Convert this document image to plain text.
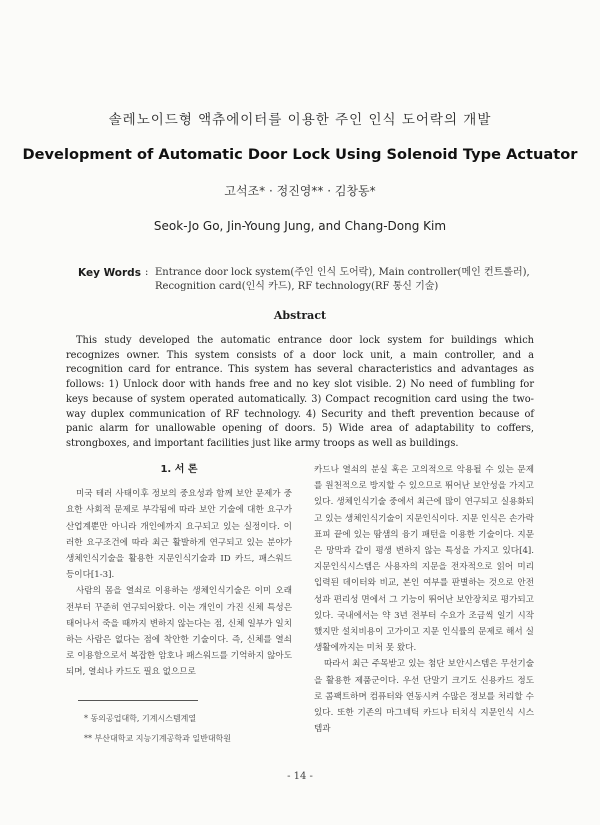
솔레노이드형 액츄에이터를 이용한 주인 인식 도어락의 개발
Development of Automatic Door Lock Using Solenoid Type Actuator
고석조* · 정진영** · 김창동*
Seok-Jo Go, Jin-Young Jung, and Chang-Dong Kim
Key Words : Entrance door lock system(주인 인식 도어락), Main controller(메인 컨트롤러), Recognition card(인식 카드), RF technology(RF 통신 기술)
Abstract

This study developed the automatic entrance door lock system for buildings which recognizes owner. This system consists of a door lock unit, a main controller, and a recognition card for entrance. This system has several characteristics and advantages as follows: 1) Unlock door with hands free and no key slot visible. 2) No need of fumbling for keys because of system operated automatically. 3) Compact recognition card using the two-way duplex communication of RF technology. 4) Security and theft prevention because of panic alarm for unallowable opening of doors. 5) Wide area of adaptability to coffers, strongboxes, and important facilities just like army troops as well as buildings.

1. 서 론

미국 테러 사태이후 정보의 중요성과 함께 보안 문제가 중요한 사회적 문제로 부각됨에 따라 보안 기술에 대한 요구가 산업계뿐만 아니라 개인에까지 요구되고 있는 실정이다. 이러한 요구조건에 따라 최근 활발하게 연구되고 있는 분야가 생체인식기술을 활용한 지문인식기술과 ID 카드, 패스워드 등이다[1-3].

사람의 몸을 열쇠로 이용하는 생체인식기술은 이미 오래 전부터 꾸준히 연구되어왔다. 이는 개인이 가진 신체 특성은 태어나서 죽을 때까지 변하지 않는다는 점, 신체 일부가 일치하는 사람은 없다는 점에 착안한 기술이다. 즉, 신체를 열쇠로 이용함으로서 복잡한 암호나 패스워드를 기억하지 않아도 되며, 열쇠나 카드도 필요 없으므로

카드나 열쇠의 분실 혹은 고의적으로 악용될 수 있는 문제를 원천적으로 방지할 수 있으므로 뛰어난 보안성을 가지고 있다. 생체인식기술 중에서 최근에 많이 연구되고 실용화되고 있는 생체인식기술이 지문인식이다. 지문 인식은 손가락 표피 끝에 있는 땀샘의 융기 패턴을 이용한 기술이다. 지문은 망막과 같이 평생 변하지 않는 특성을 가지고 있다[4]. 지문인식시스템은 사용자의 지문을 전자적으로 읽어 미리 입력된 데이터와 비교, 본인 여부를 판별하는 것으로 안전성과 편리성 면에서 그 기능이 뛰어난 보안장치로 평가되고 있다. 국내에서는 약 3년 전부터 수요가 조금씩 일기 시작했지만 설치비용이 고가이고 지문 인식률의 문제로 해서 실생활에까지는 미처 못 왔다.

따라서 최근 주목받고 있는 첨단 보안시스템은 무선기술을 활용한 제품군이다. 우선 단말기 크기도 신용카드 정도로 콤팩트하며 컴퓨터와 연동시켜 수많은 정보를 처리할 수 있다. 또한 기존의 마그네틱 카드나 터치식 지문인식 시스템과

* 동의공업대학, 기계시스템계열
** 부산대학교 지능기계공학과 일반대학원
- 14 -
